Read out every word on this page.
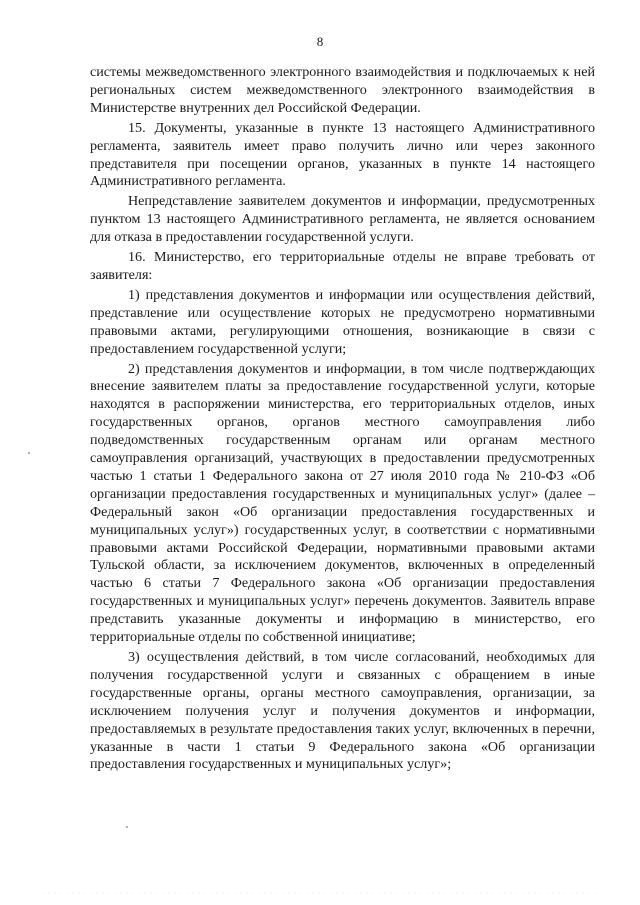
8

системы межведомственного электронного взаимодействия и подключаемых к ней региональных систем межведомственного электронного взаимодействия в Министерстве внутренних дел Российской Федерации.

15. Документы, указанные в пункте 13 настоящего Административного регламента, заявитель имеет право получить лично или через законного представителя при посещении органов, указанных в пункте 14 настоящего Административного регламента.

Непредставление заявителем документов и информации, предусмотренных пунктом 13 настоящего Административного регламента, не является основанием для отказа в предоставлении государственной услуги.

16. Министерство, его территориальные отделы не вправе требовать от заявителя:

1) представления документов и информации или осуществления действий, представление или осуществление которых не предусмотрено нормативными правовыми актами, регулирующими отношения, возникающие в связи с предоставлением государственной услуги;

2) представления документов и информации, в том числе подтверждающих внесение заявителем платы за предоставление государственной услуги, которые находятся в распоряжении министерства, его территориальных отделов, иных государственных органов, органов местного самоуправления либо подведомственных государственным органам или органам местного самоуправления организаций, участвующих в предоставлении предусмотренных частью 1 статьи 1 Федерального закона от 27 июля 2010 года № 210-ФЗ «Об организации предоставления государственных и муниципальных услуг» (далее – Федеральный закон «Об организации предоставления государственных и муниципальных услуг») государственных услуг, в соответствии с нормативными правовыми актами Российской Федерации, нормативными правовыми актами Тульской области, за исключением документов, включенных в определенный частью 6 статьи 7 Федерального закона «Об организации предоставления государственных и муниципальных услуг» перечень документов. Заявитель вправе представить указанные документы и информацию в министерство, его территориальные отделы по собственной инициативе;

3) осуществления действий, в том числе согласований, необходимых для получения государственной услуги и связанных с обращением в иные государственные органы, органы местного самоуправления, организации, за исключением получения услуг и получения документов и информации, предоставляемых в результате предоставления таких услуг, включенных в перечни, указанные в части 1 статьи 9 Федерального закона «Об организации предоставления государственных и муниципальных услуг»;
